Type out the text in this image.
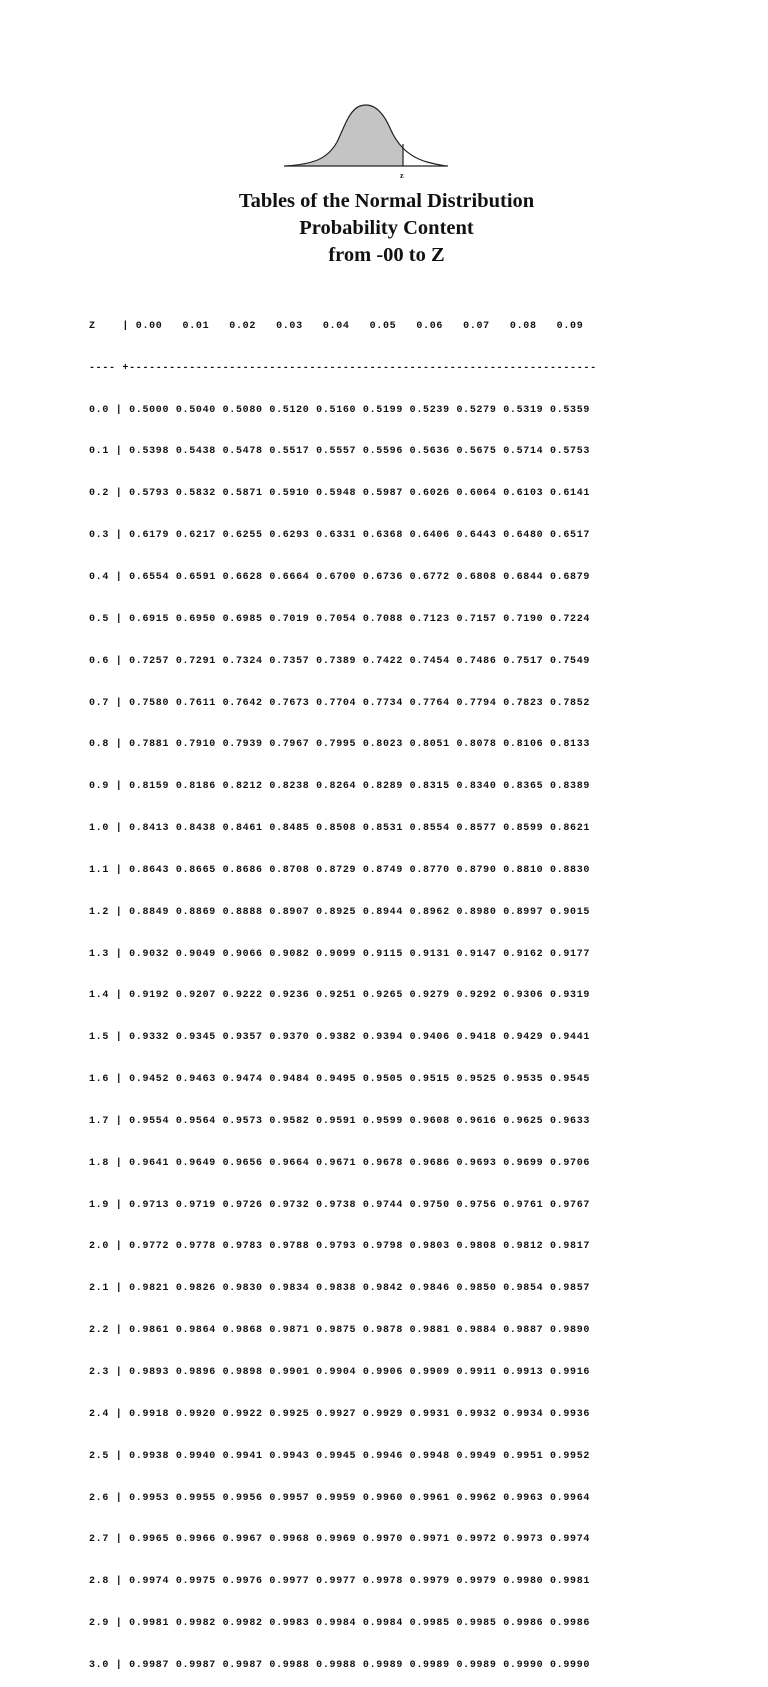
z
Tables of the Normal Distribution
Probability Content
from -00 to Z

Z    | 0.00   0.01   0.02   0.03   0.04   0.05   0.06   0.07   0.08   0.09

---- +----------------------------------------------------------------------

0.0 | 0.5000 0.5040 0.5080 0.5120 0.5160 0.5199 0.5239 0.5279 0.5319 0.5359

0.1 | 0.5398 0.5438 0.5478 0.5517 0.5557 0.5596 0.5636 0.5675 0.5714 0.5753

0.2 | 0.5793 0.5832 0.5871 0.5910 0.5948 0.5987 0.6026 0.6064 0.6103 0.6141

0.3 | 0.6179 0.6217 0.6255 0.6293 0.6331 0.6368 0.6406 0.6443 0.6480 0.6517

0.4 | 0.6554 0.6591 0.6628 0.6664 0.6700 0.6736 0.6772 0.6808 0.6844 0.6879

0.5 | 0.6915 0.6950 0.6985 0.7019 0.7054 0.7088 0.7123 0.7157 0.7190 0.7224

0.6 | 0.7257 0.7291 0.7324 0.7357 0.7389 0.7422 0.7454 0.7486 0.7517 0.7549

0.7 | 0.7580 0.7611 0.7642 0.7673 0.7704 0.7734 0.7764 0.7794 0.7823 0.7852

0.8 | 0.7881 0.7910 0.7939 0.7967 0.7995 0.8023 0.8051 0.8078 0.8106 0.8133

0.9 | 0.8159 0.8186 0.8212 0.8238 0.8264 0.8289 0.8315 0.8340 0.8365 0.8389

1.0 | 0.8413 0.8438 0.8461 0.8485 0.8508 0.8531 0.8554 0.8577 0.8599 0.8621

1.1 | 0.8643 0.8665 0.8686 0.8708 0.8729 0.8749 0.8770 0.8790 0.8810 0.8830

1.2 | 0.8849 0.8869 0.8888 0.8907 0.8925 0.8944 0.8962 0.8980 0.8997 0.9015

1.3 | 0.9032 0.9049 0.9066 0.9082 0.9099 0.9115 0.9131 0.9147 0.9162 0.9177

1.4 | 0.9192 0.9207 0.9222 0.9236 0.9251 0.9265 0.9279 0.9292 0.9306 0.9319

1.5 | 0.9332 0.9345 0.9357 0.9370 0.9382 0.9394 0.9406 0.9418 0.9429 0.9441

1.6 | 0.9452 0.9463 0.9474 0.9484 0.9495 0.9505 0.9515 0.9525 0.9535 0.9545

1.7 | 0.9554 0.9564 0.9573 0.9582 0.9591 0.9599 0.9608 0.9616 0.9625 0.9633

1.8 | 0.9641 0.9649 0.9656 0.9664 0.9671 0.9678 0.9686 0.9693 0.9699 0.9706

1.9 | 0.9713 0.9719 0.9726 0.9732 0.9738 0.9744 0.9750 0.9756 0.9761 0.9767

2.0 | 0.9772 0.9778 0.9783 0.9788 0.9793 0.9798 0.9803 0.9808 0.9812 0.9817

2.1 | 0.9821 0.9826 0.9830 0.9834 0.9838 0.9842 0.9846 0.9850 0.9854 0.9857

2.2 | 0.9861 0.9864 0.9868 0.9871 0.9875 0.9878 0.9881 0.9884 0.9887 0.9890

2.3 | 0.9893 0.9896 0.9898 0.9901 0.9904 0.9906 0.9909 0.9911 0.9913 0.9916

2.4 | 0.9918 0.9920 0.9922 0.9925 0.9927 0.9929 0.9931 0.9932 0.9934 0.9936

2.5 | 0.9938 0.9940 0.9941 0.9943 0.9945 0.9946 0.9948 0.9949 0.9951 0.9952

2.6 | 0.9953 0.9955 0.9956 0.9957 0.9959 0.9960 0.9961 0.9962 0.9963 0.9964

2.7 | 0.9965 0.9966 0.9967 0.9968 0.9969 0.9970 0.9971 0.9972 0.9973 0.9974

2.8 | 0.9974 0.9975 0.9976 0.9977 0.9977 0.9978 0.9979 0.9979 0.9980 0.9981

2.9 | 0.9981 0.9982 0.9982 0.9983 0.9984 0.9984 0.9985 0.9985 0.9986 0.9986

3.0 | 0.9987 0.9987 0.9987 0.9988 0.9988 0.9989 0.9989 0.9989 0.9990 0.9990
